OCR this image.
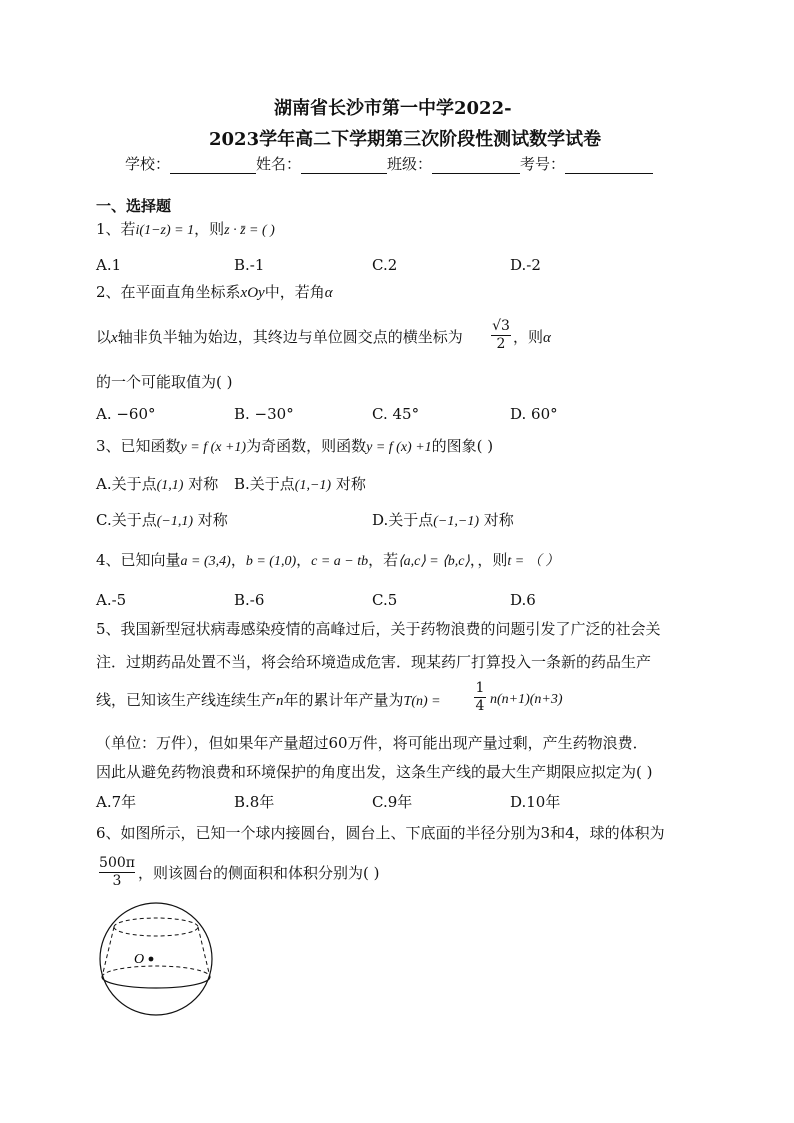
湖南省长沙市第一中学2022-
2023学年高二下学期第三次阶段性测试数学试卷
学校：	姓名：	班级：	考号：
一、选择题
1、若i(1−z) = 1，则z · z̄ = ( )
A.1	B.-1	C.2	D.-2
2、在平面直角坐标系xOy中，若角α
以x轴非负半轴为始边，其终边与单位圆交点的横坐标为
√3
2 ，则α
的一个可能取值为( )
A. −60°	B. −30°	C. 45°	D. 60°
3、已知函数y = f (x +1)为奇函数，则函数y = f (x) +1的图象( )
A.关于点(1,1) 对称 B.关于点(1,−1) 对称
C.关于点(−1,1) 对称	D.关于点(−1,−1) 对称
4、已知向量a = (3,4)，b = (1,0)，c = a − tb，若⟨a,c⟩ = ⟨b,c⟩，，则t = （ ）
A.-5	B.-6	C.5	D.6
5、我国新型冠状病毒感染疫情的高峰过后，关于药物浪费的问题引发了广泛的社会关
注．过期药品处置不当，将会给环境造成危害．现某药厂打算投入一条新的药品生产
线，已知该生产线连续生产n年的累计年产量为T(n) =
1
4 n(n+1)(n+3)
（单位：万件），但如果年产量超过60万件，将可能出现产量过剩，产生药物浪费．
因此从避免药物浪费和环境保护的角度出发，这条生产线的最大生产期限应拟定为( )
A.7年	B.8年	C.9年	D.10年
6、如图所示，已知一个球内接圆台，圆台上、下底面的半径分别为3和4，球的体积为
500π
3	，则该圆台的侧面积和体积分别为( )
O
